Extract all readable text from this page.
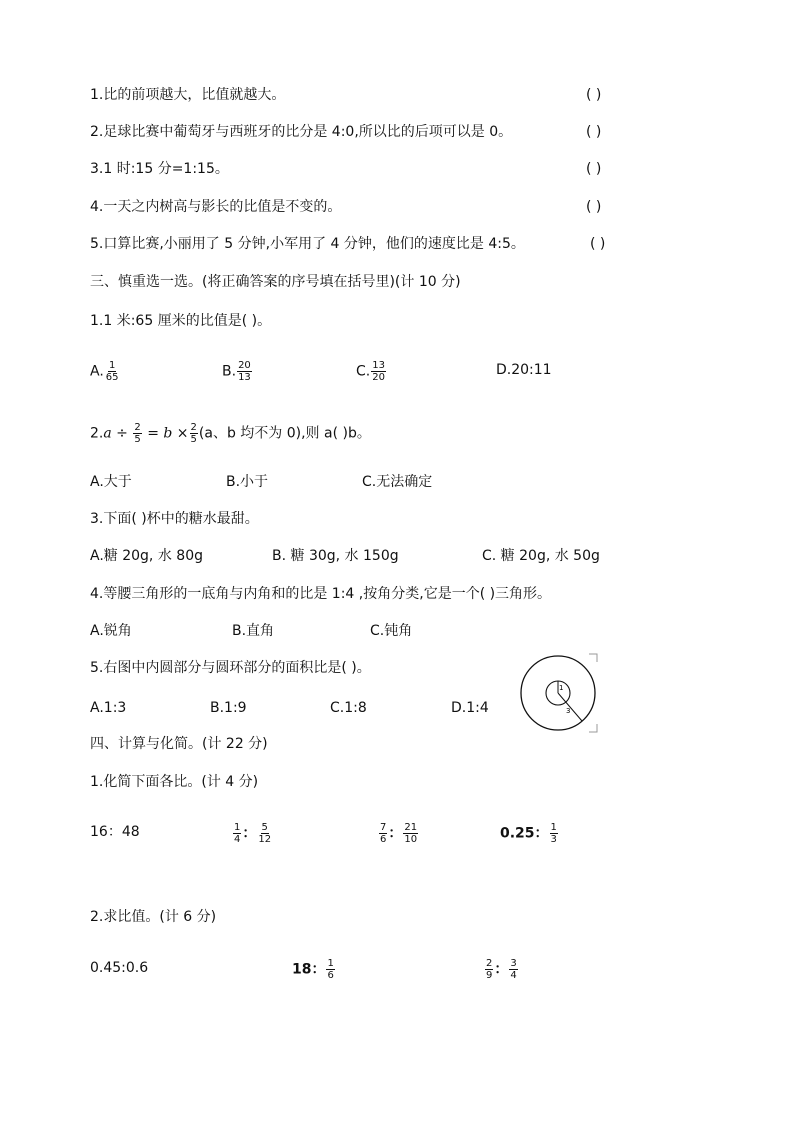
1.比的前项越大，比值就越大。	( )
2.足球比赛中葡萄牙与西班牙的比分是 4:0,所以比的后项可以是 0。	( )
3.1 时:15 分=1:15。	( )
4.一天之内树高与影长的比值是不变的。	( )
5.口算比赛,小丽用了 5 分钟,小军用了 4 分钟，他们的速度比是 4:5。	( )
三、慎重选一选。(将正确答案的序号填在括号里)(计 10 分)
1.1 米:65 厘米的比值是( )。
A. $\frac{1}{65}$	B. $\frac{20}{13}$	C. $\frac{13}{20}$	D.20:11
$2.a \div \frac{2}{5} = b \times \frac{2}{5} (a$、b 均不为 0),则 a( )b。
A.大于	B.小于	C.无法确定
3.下面( )杯中的糖水最甜。
A.糖 20g, 水 80g	B. 糖 30g, 水 150g	C. 糖 20g, 水 50g
4.等腰三角形的一底角与内角和的比是 1:4 ,按角分类,它是一个( )三角形。
A.锐角	B.直角	C.钝角
5.右图中内圆部分与圆环部分的面积比是( )。
A.1:3	B.1:9	C.1:8	D.1:4
1
3
四、计算与化简。(计 22 分)
1.化简下面各比。(计 4 分)
16：48	$\frac{1}{4}$ ： $\frac{5}{12}$	$\frac{7}{6}$ ： $\frac{21}{10}$	0.25： $\frac{1}{3}$
2.求比值。(计 6 分)
0.45:0.6	18： $\frac{1}{6}$	$\frac{2}{9}$ ： $\frac{3}{4}$
